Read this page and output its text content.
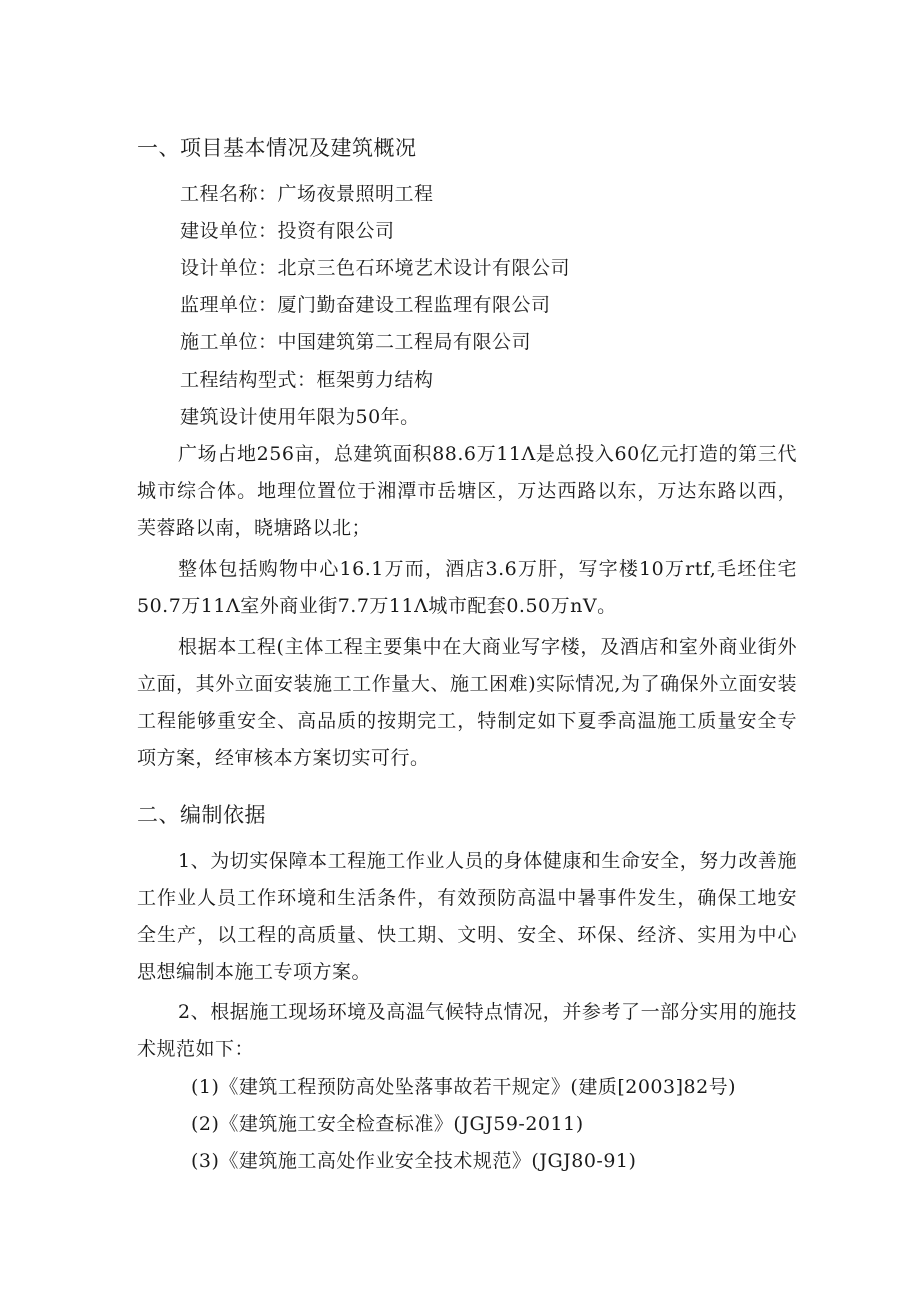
一、项目基本情况及建筑概况
工程名称：广场夜景照明工程
建设单位：投资有限公司
设计单位：北京三色石环境艺术设计有限公司
监理单位：厦门勤奋建设工程监理有限公司
施工单位：中国建筑第二工程局有限公司
工程结构型式：框架剪力结构
建筑设计使用年限为50年。
广场占地256亩，总建筑面积88.6万11Λ是总投入60亿元打造的第三代城市综合体。地理位置位于湘潭市岳塘区，万达西路以东，万达东路以西，芙蓉路以南，晓塘路以北；
整体包括购物中心16.1万而，酒店3.6万肝，写字楼10万rtf,毛坯住宅50.7万11Λ室外商业街7.7万11Λ城市配套0.50万nV。
根据本工程(主体工程主要集中在大商业写字楼，及酒店和室外商业街外立面，其外立面安装施工工作量大、施工困难)实际情况,为了确保外立面安装工程能够重安全、高品质的按期完工，特制定如下夏季高温施工质量安全专项方案，经审核本方案切实可行。
二、编制依据
1、为切实保障本工程施工作业人员的身体健康和生命安全，努力改善施工作业人员工作环境和生活条件，有效预防高温中暑事件发生，确保工地安全生产，以工程的高质量、快工期、文明、安全、环保、经济、实用为中心思想编制本施工专项方案。
2、根据施工现场环境及高温气候特点情况，并参考了一部分实用的施技术规范如下：
(1)《建筑工程预防高处坠落事故若干规定》(建质[2003]82号)
(2)《建筑施工安全检查标准》(JGJ59-2011)
(3)《建筑施工高处作业安全技术规范》(JGJ80-91)
